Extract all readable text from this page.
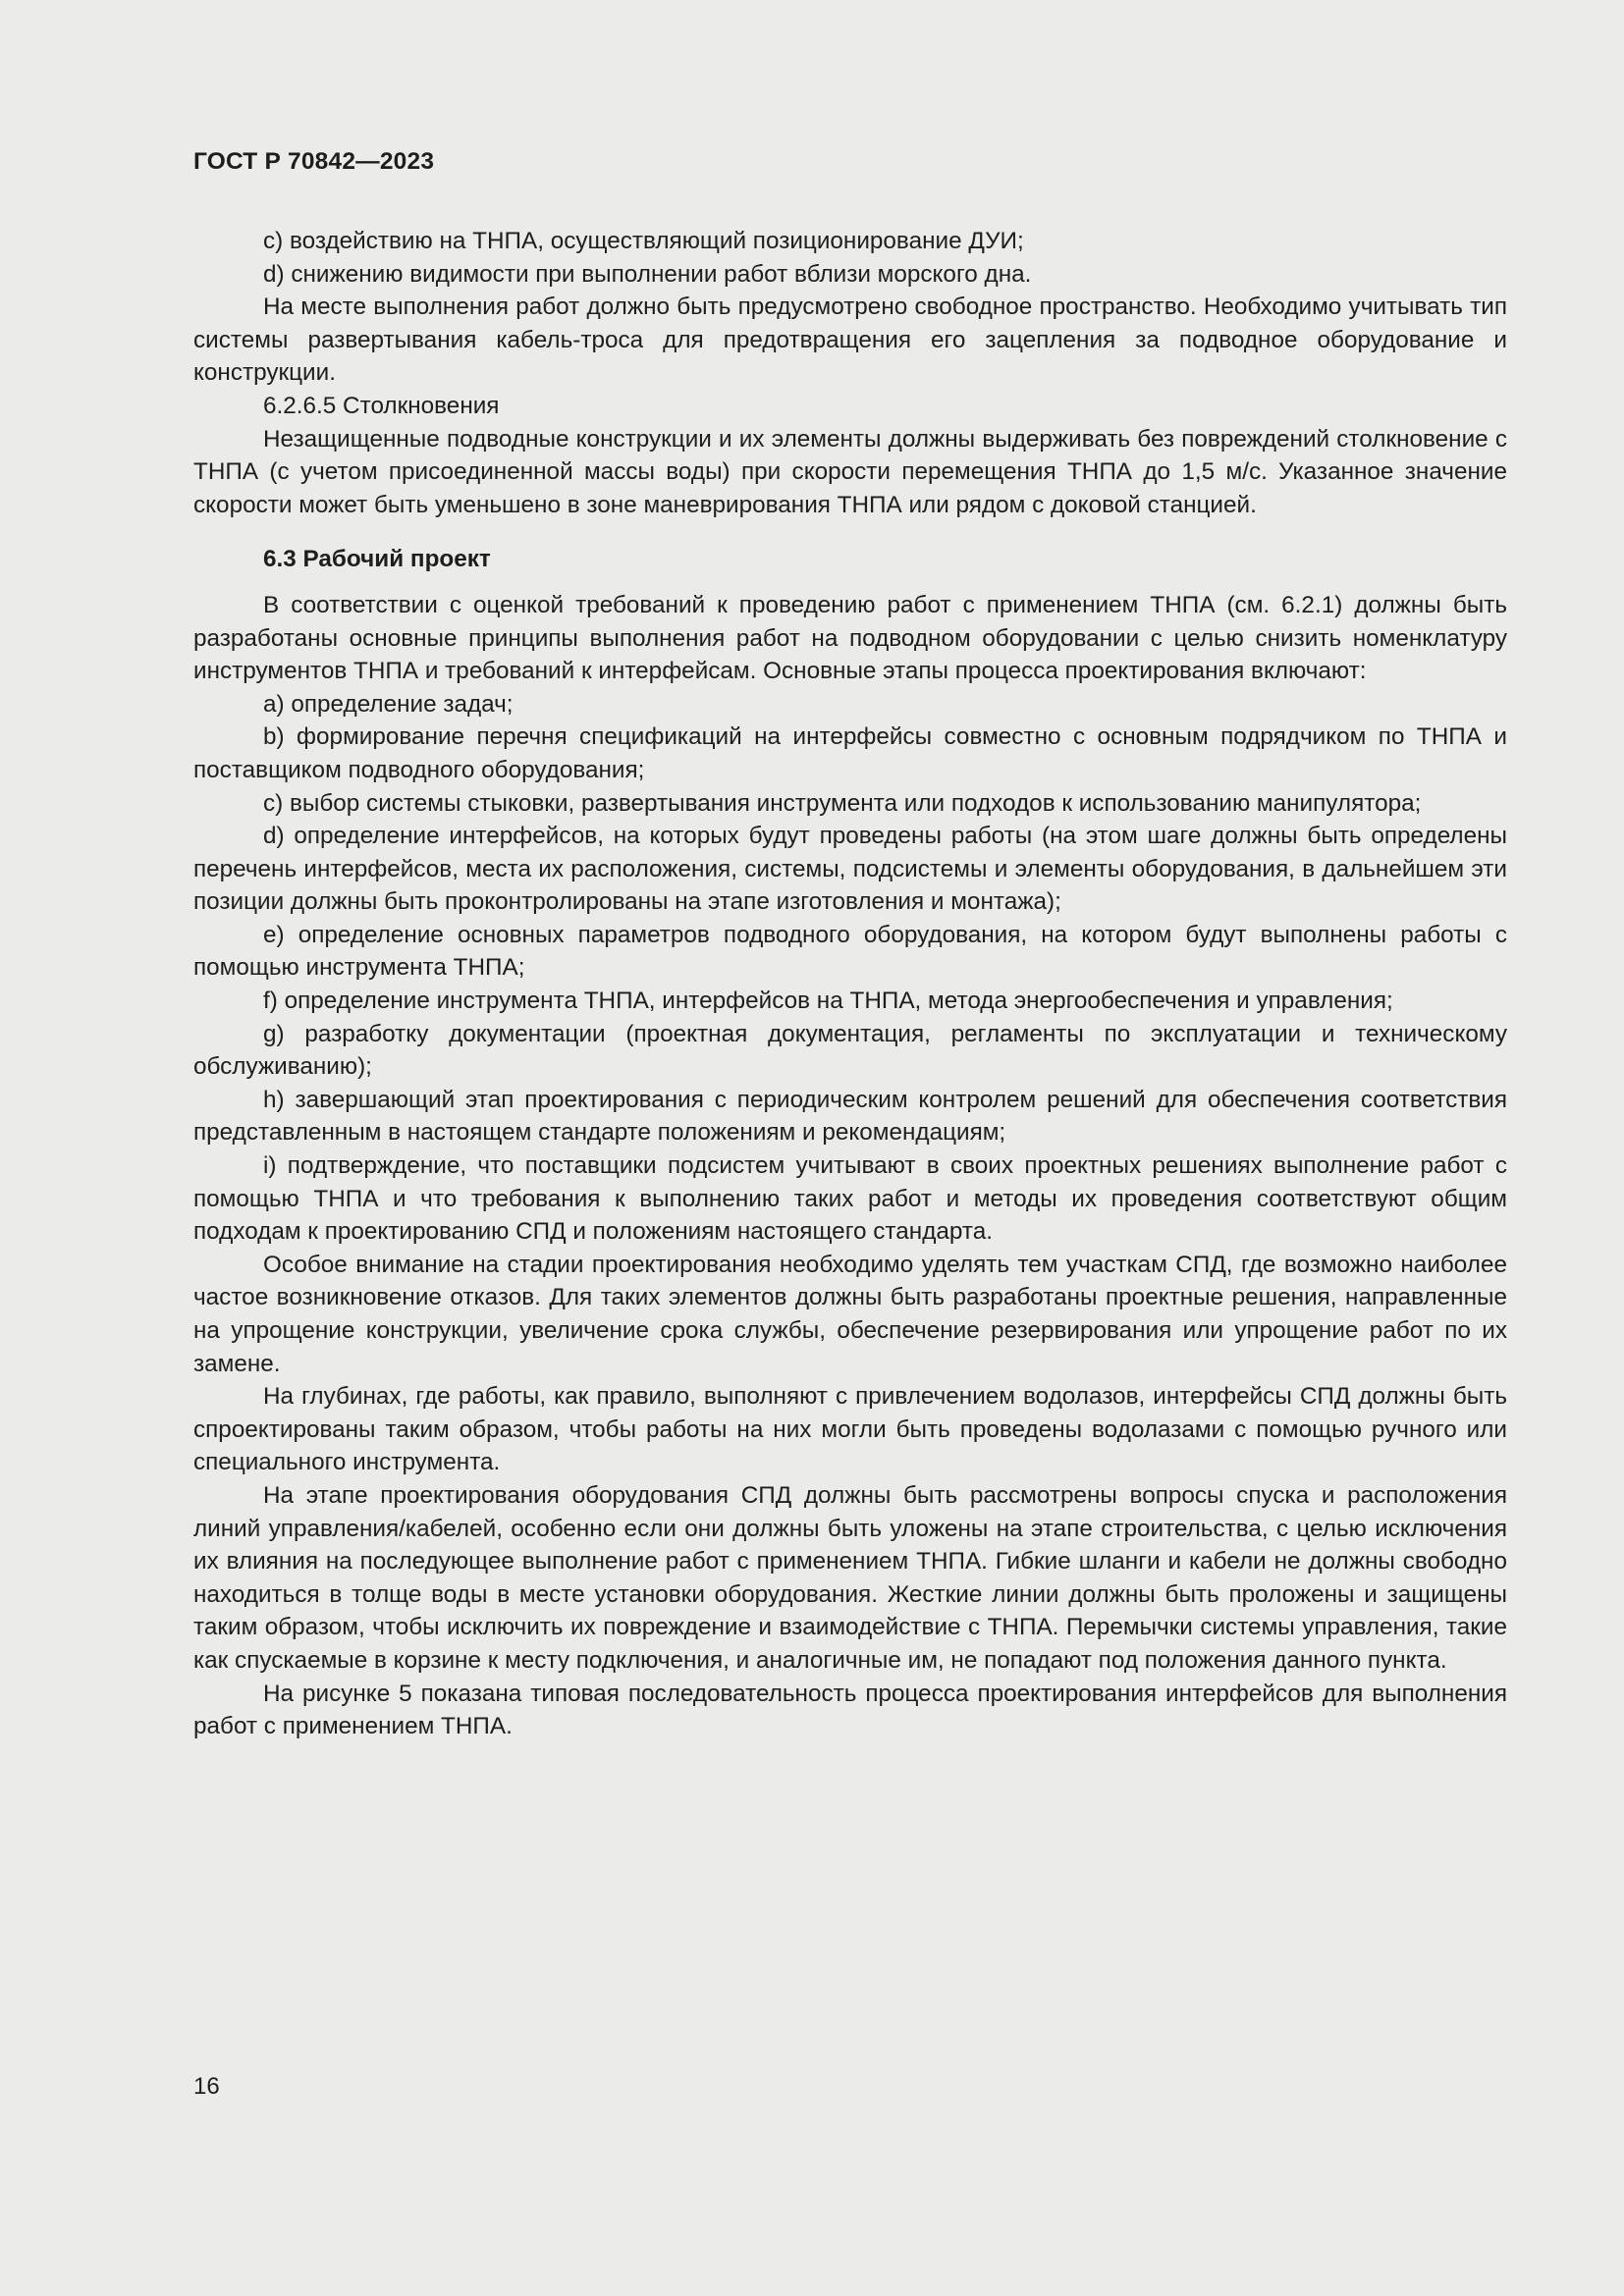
ГОСТ Р 70842—2023

c) воздействию на ТНПА, осуществляющий позиционирование ДУИ;

d) снижению видимости при выполнении работ вблизи морского дна.

На месте выполнения работ должно быть предусмотрено свободное пространство. Необходимо учитывать тип системы развертывания кабель-троса для предотвращения его зацепления за подводное оборудование и конструкции.

6.2.6.5 Столкновения

Незащищенные подводные конструкции и их элементы должны выдерживать без повреждений столкновение с ТНПА (с учетом присоединенной массы воды) при скорости перемещения ТНПА до 1,5 м/с. Указанное значение скорости может быть уменьшено в зоне маневрирования ТНПА или рядом с доковой станцией.

6.3 Рабочий проект

В соответствии с оценкой требований к проведению работ с применением ТНПА (см. 6.2.1) должны быть разработаны основные принципы выполнения работ на подводном оборудовании с целью снизить номенклатуру инструментов ТНПА и требований к интерфейсам. Основные этапы процесса проектирования включают:

a) определение задач;

b) формирование перечня спецификаций на интерфейсы совместно с основным подрядчиком по ТНПА и поставщиком подводного оборудования;

c) выбор системы стыковки, развертывания инструмента или подходов к использованию манипулятора;

d) определение интерфейсов, на которых будут проведены работы (на этом шаге должны быть определены перечень интерфейсов, места их расположения, системы, подсистемы и элементы оборудования, в дальнейшем эти позиции должны быть проконтролированы на этапе изготовления и монтажа);

e) определение основных параметров подводного оборудования, на котором будут выполнены работы с помощью инструмента ТНПА;

f) определение инструмента ТНПА, интерфейсов на ТНПА, метода энергообеспечения и управления;

g) разработку документации (проектная документация, регламенты по эксплуатации и техническому обслуживанию);

h) завершающий этап проектирования с периодическим контролем решений для обеспечения соответствия представленным в настоящем стандарте положениям и рекомендациям;

i) подтверждение, что поставщики подсистем учитывают в своих проектных решениях выполнение работ с помощью ТНПА и что требования к выполнению таких работ и методы их проведения соответствуют общим подходам к проектированию СПД и положениям настоящего стандарта.

Особое внимание на стадии проектирования необходимо уделять тем участкам СПД, где возможно наиболее частое возникновение отказов. Для таких элементов должны быть разработаны проектные решения, направленные на упрощение конструкции, увеличение срока службы, обеспечение резервирования или упрощение работ по их замене.

На глубинах, где работы, как правило, выполняют с привлечением водолазов, интерфейсы СПД должны быть спроектированы таким образом, чтобы работы на них могли быть проведены водолазами с помощью ручного или специального инструмента.

На этапе проектирования оборудования СПД должны быть рассмотрены вопросы спуска и расположения линий управления/кабелей, особенно если они должны быть уложены на этапе строительства, с целью исключения их влияния на последующее выполнение работ с применением ТНПА. Гибкие шланги и кабели не должны свободно находиться в толще воды в месте установки оборудования. Жесткие линии должны быть проложены и защищены таким образом, чтобы исключить их повреждение и взаимодействие с ТНПА. Перемычки системы управления, такие как спускаемые в корзине к месту подключения, и аналогичные им, не попадают под положения данного пункта.

На рисунке 5 показана типовая последовательность процесса проектирования интерфейсов для выполнения работ с применением ТНПА.

16
